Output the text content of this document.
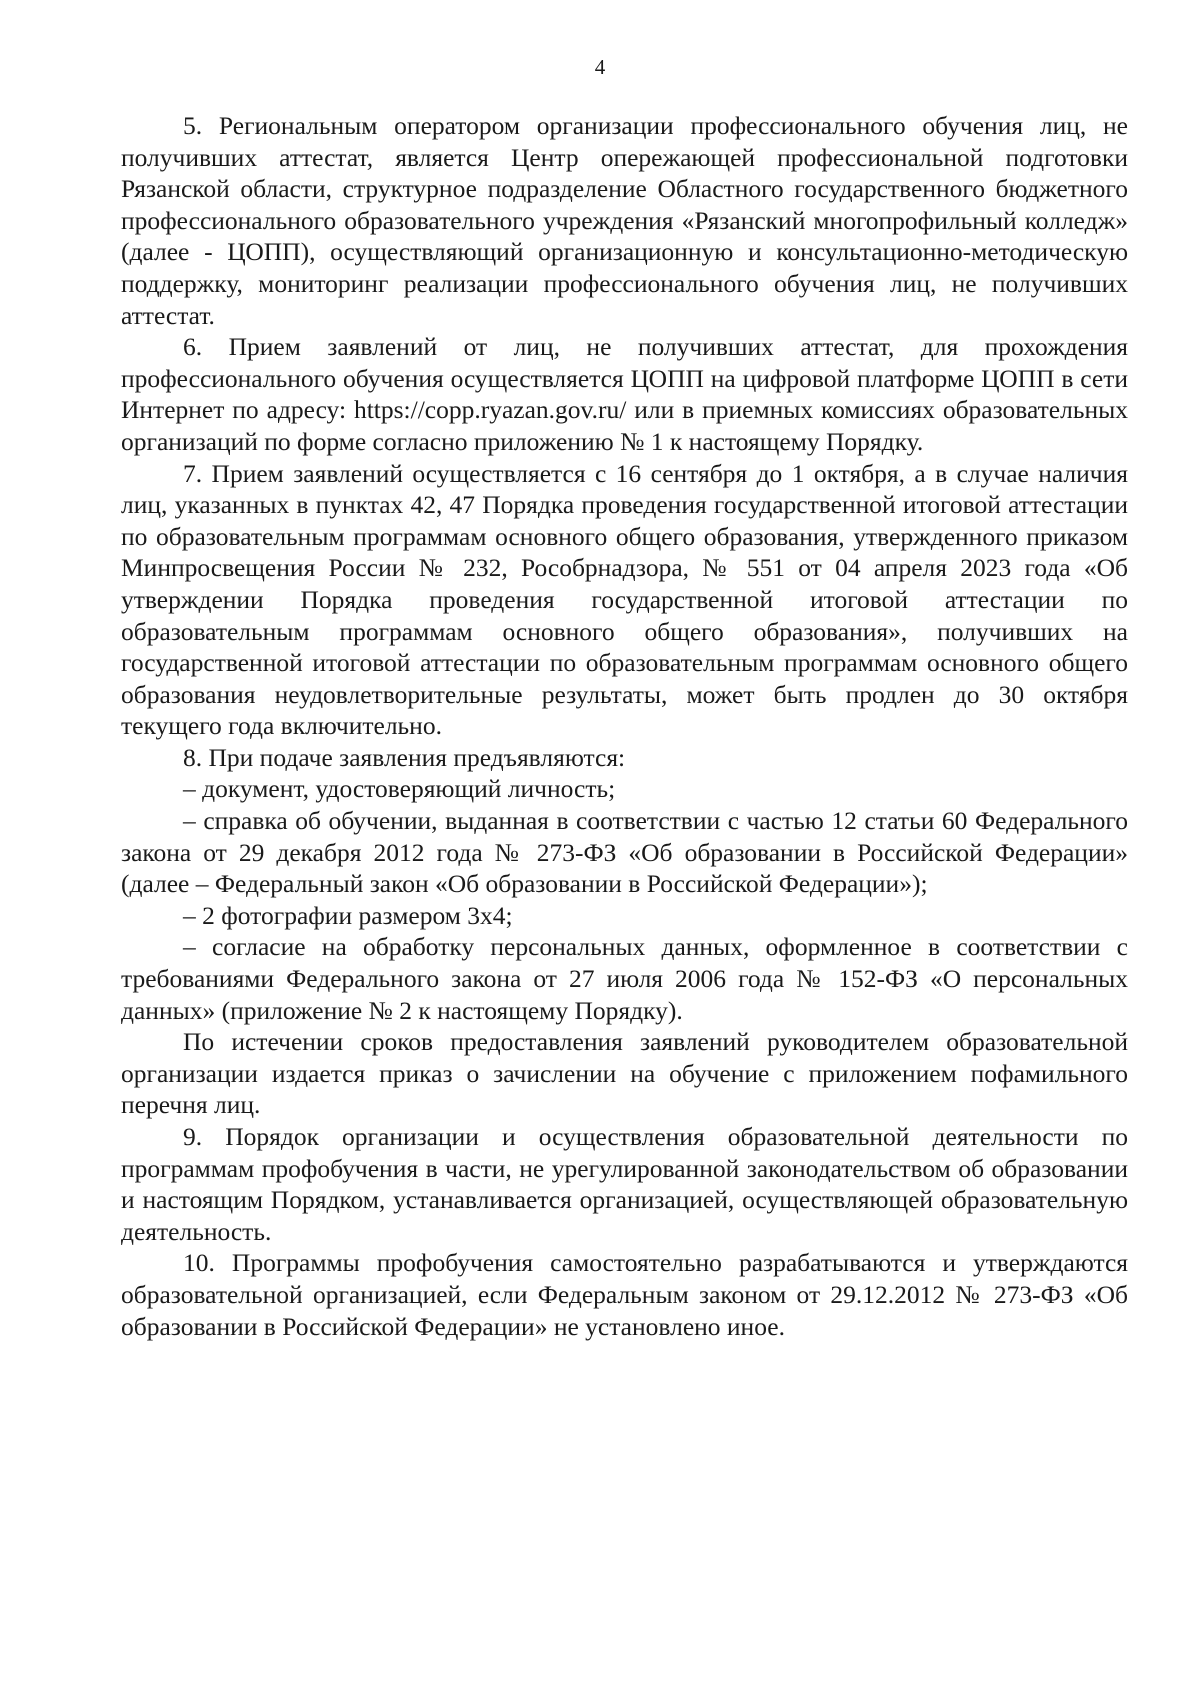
4

5. Региональным оператором организации профессионального обучения лиц, не получивших аттестат, является Центр опережающей профессиональной подготовки Рязанской области, структурное подразделение Областного государственного бюджетного профессионального образовательного учреждения «Рязанский многопрофильный колледж» (далее - ЦОПП), осуществляющий организационную и консультационно-методическую поддержку, мониторинг реализации профессионального обучения лиц, не получивших аттестат.

6. Прием заявлений от лиц, не получивших аттестат, для прохождения профессионального обучения осуществляется ЦОПП на цифровой платформе ЦОПП в сети Интернет по адресу: https://copp.ryazan.gov.ru/ или в приемных комиссиях образовательных организаций по форме согласно приложению № 1 к настоящему Порядку.

7. Прием заявлений осуществляется с 16 сентября до 1 октября, а в случае наличия лиц, указанных в пунктах 42, 47 Порядка проведения государственной итоговой аттестации по образовательным программам основного общего образования, утвержденного приказом Минпросвещения России № 232, Рособрнадзора, № 551 от 04 апреля 2023 года «Об утверждении Порядка проведения государственной итоговой аттестации по образовательным программам основного общего образования», получивших на государственной итоговой аттестации по образовательным программам основного общего образования неудовлетворительные результаты, может быть продлен до 30 октября текущего года включительно.

8. При подаче заявления предъявляются:

– документ, удостоверяющий личность;

– справка об обучении, выданная в соответствии с частью 12 статьи 60 Федерального закона от 29 декабря 2012 года № 273-ФЗ «Об образовании в Российской Федерации» (далее – Федеральный закон «Об образовании в Российской Федерации»);

– 2 фотографии размером 3x4;

– согласие на обработку персональных данных, оформленное в соответствии с требованиями Федерального закона от 27 июля 2006 года № 152-ФЗ «О персональных данных» (приложение № 2 к настоящему Порядку).

По истечении сроков предоставления заявлений руководителем образовательной организации издается приказ о зачислении на обучение с приложением пофамильного перечня лиц.

9. Порядок организации и осуществления образовательной деятельности по программам профобучения в части, не урегулированной законодательством об образовании и настоящим Порядком, устанавливается организацией, осуществляющей образовательную деятельность.

10. Программы профобучения самостоятельно разрабатываются и утверждаются образовательной организацией, если Федеральным законом от 29.12.2012 № 273-ФЗ «Об образовании в Российской Федерации» не установлено иное.
